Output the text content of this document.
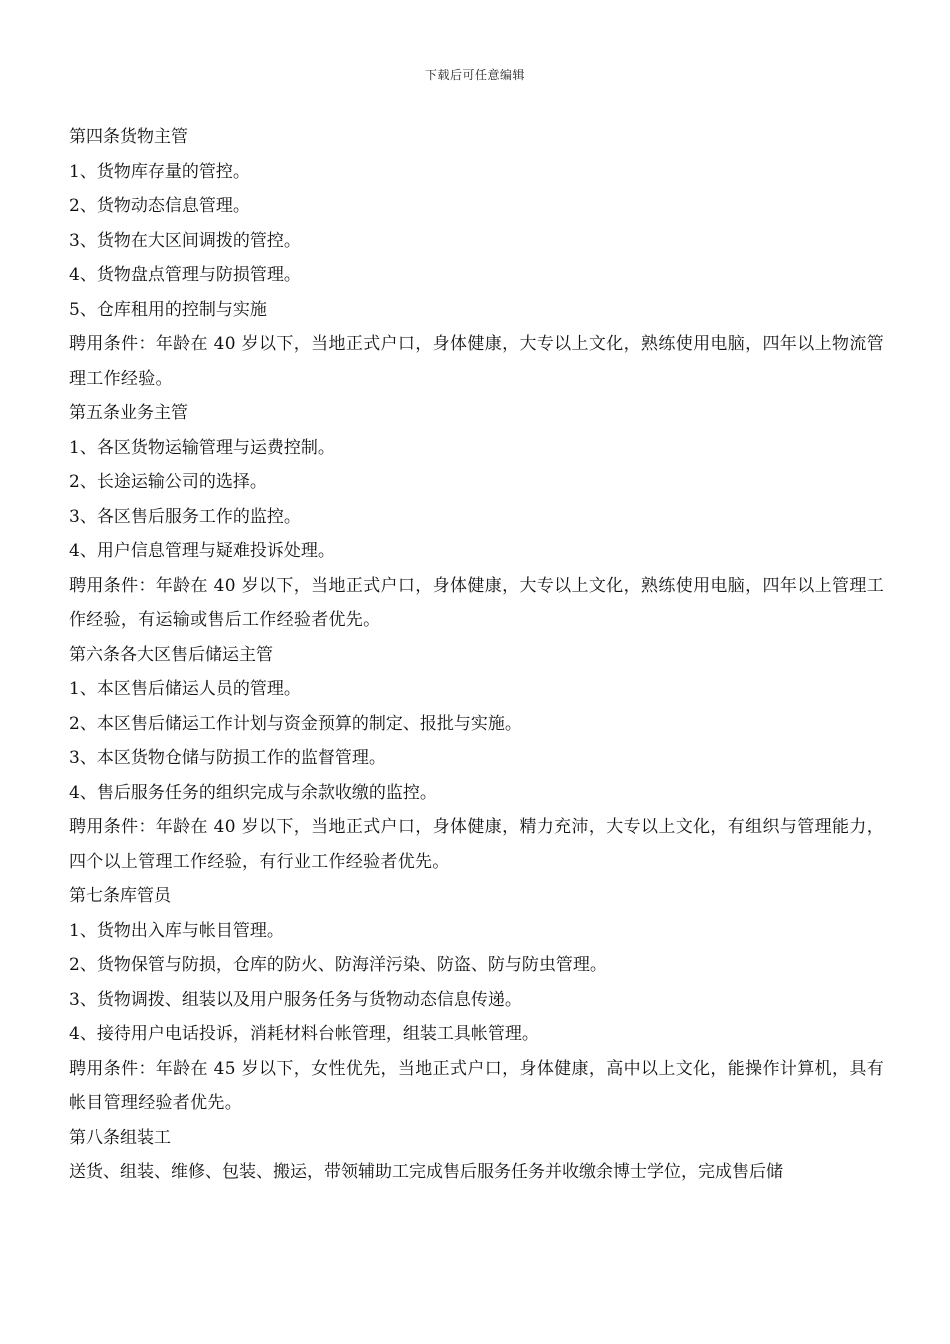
下载后可任意编辑
第四条货物主管
1、货物库存量的管控。
2、货物动态信息管理。
3、货物在大区间调拨的管控。
4、货物盘点管理与防损管理。
5、仓库租用的控制与实施
聘用条件：年龄在 40 岁以下，当地正式户口，身体健康，大专以上文化，熟练使用电脑，四年以上物流管理工作经验。
第五条业务主管
1、各区货物运输管理与运费控制。
2、长途运输公司的选择。
3、各区售后服务工作的监控。
4、用户信息管理与疑难投诉处理。
聘用条件：年龄在 40 岁以下，当地正式户口，身体健康，大专以上文化，熟练使用电脑，四年以上管理工作经验，有运输或售后工作经验者优先。
第六条各大区售后储运主管
1、本区售后储运人员的管理。
2、本区售后储运工作计划与资金预算的制定、报批与实施。
3、本区货物仓储与防损工作的监督管理。
4、售后服务任务的组织完成与余款收缴的监控。
聘用条件：年龄在 40 岁以下，当地正式户口，身体健康，精力充沛，大专以上文化，有组织与管理能力，四个以上管理工作经验，有行业工作经验者优先。
第七条库管员
1、货物出入库与帐目管理。
2、货物保管与防损，仓库的防火、防海洋污染、防盗、防与防虫管理。
3、货物调拨、组装以及用户服务任务与货物动态信息传递。
4、接待用户电话投诉，消耗材料台帐管理，组装工具帐管理。
聘用条件：年龄在 45 岁以下，女性优先，当地正式户口，身体健康，高中以上文化，能操作计算机，具有帐目管理经验者优先。
第八条组装工
送货、组装、维修、包装、搬运，带领辅助工完成售后服务任务并收缴余博士学位，完成售后储
